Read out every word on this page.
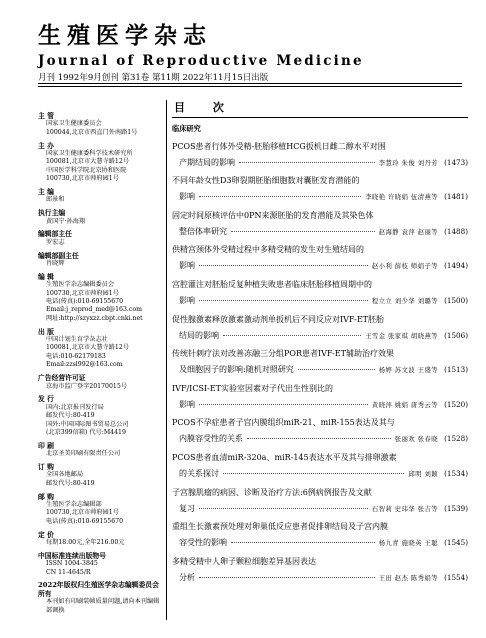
生殖医学杂志
Journal of Reproductive Medicine
月刊 1992年9月创刊 第31卷 第11期 2022年11月15日出版
主 管
国家卫生健康委员会
100044,北京市西直门外南路1号
主 办
国家卫生健康委科学技术研究所
100081,北京市大慧寺路12号
中国医学科学院北京协和医院
100730,北京市帅府园1号
主 编
郎景和
执行主编
黄国宁·孙海翔
编辑部主任
罗宏志
编辑部副主任
肖晓辉
编 辑
生殖医学杂志编辑委员会
100730,北京市帅府园1号
电话(传真):010-69155670
Email:j_reprod_med@163.com
网址:http://szyxzz.cbpt.cnki.net
出 版
中国计划生育学杂志社
100081,北京市大慧寺路12号
电话:010-62179183
Email:zzsl992@163.com
广告经营许可证
京海市监广登字20170015号
发 行
国内:北京报刊发行局
邮发代号:80-419
国外:中国国际图书贸易总公司
(北京399信箱) 代号:M4419
印 刷
北京圣美印刷有限责任公司
订 购
全国各地邮局
邮发代号:80-419
邮 购
生殖医学杂志编辑部
100730,北京市帅府园1号
电话(传真):010-69155670
定 价
每期18.00元,全年216.00元
中国标准连续出版物号
ISSN 1004-3845
CN 11-4645/R
2022年版权归生殖医学杂志编辑委员会所有
本刊如有印刷装帧质量问题,请向本刊编辑部调换
目 次
临床研究
PCOS患者行体外受精-胚胎移植HCG扳机日雌二醇水平对围
产期结局的影响	李慧玲 朱俊 刘丹芳 (1473)
不同年龄女性D3卵裂期胚胎细胞数对囊胚发育潜能的
影响	李晓艳 许晓娟 伍清燕等 (1481)
固定时间原核评估中0PN来源胚胎的发育潜能及其染色体
整倍体率研究	赵海静 袁萍 赵丽等 (1488)
供精宫颈体外受精过程中多精受精的发生对生殖结局的
影响	赵小利 薛枝 师娟子等 (1494)
宫腔灌注对胚胎反复种植失败患者临床胚胎移植周期中的
影响	程立立 刘少华 刘璐等 (1500)
促性腺激素释放激素激动剂单扳机后不同反应对IVF-ET胚胎
结局的影响	王雪金 张家琪 胡晓燕等 (1506)
传统针刺疗法对改善冻融三分组POR患者IVF-ET辅助治疗效果
及细胞因子的影响:随机对照研究	杨婷 苏文波 王盛等 (1513)
IVF/ICSI-ET实验室因素对子代出生性别比的
影响	黄晓萍 姚娟 唐秀云等 (1520)
PCOS不孕症患者子宫内膜组织miR-21、miR-155表达及其与
内膜容受性的关系	张丽欢 张春晓 (1528)
PCOS患者血清miR-320a、miR-145表达水平及其与排卵激素
的关系探讨	邱明 刘颖 (1534)
子宫腺肌瘤的病因、诊断及治疗方法:6例病例报告及文献
复习	石智莉 史玮华 张吉等 (1539)
重组生长激素预处理对卵巢低反应患者促排卵结局及子宫内膜
容受性的影响	杨九青 施晓英 王聪 (1545)
多精受精中人卵子颗粒细胞差异基因表达
分析	王田 赵杰 陈秀娟等 (1554)
